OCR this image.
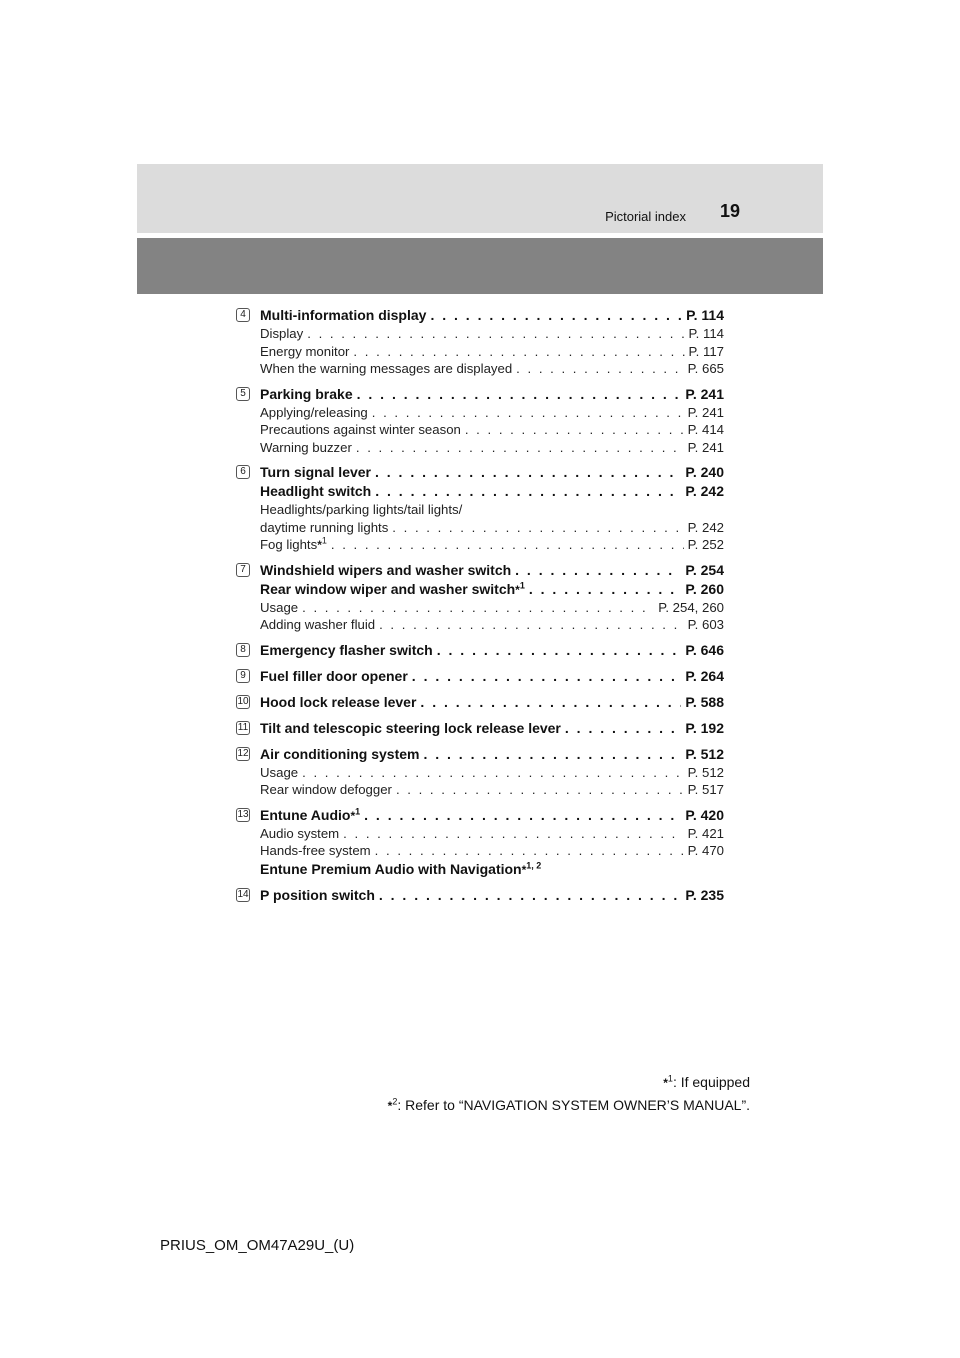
Pictorial index 19
4	Multi-information display . . .	P. 114
Display . . .	P. 114
Energy monitor . . .	P. 117
When the warning messages are displayed . . .	P. 665
5	Parking brake . . .	P. 241
Applying/releasing . . .	P. 241
Precautions against winter season . . .	P. 414
Warning buzzer . . .	P. 241
6	Turn signal lever . . .	P. 240
Headlight switch . . .	P. 242
Headlights/parking lights/tail lights/
daytime running lights . . .	P. 242
Fog lights*$^1$ . . .	P. 252
7	Windshield wipers and washer switch . . .	P. 254
Rear window wiper and washer switch*$^1$ . . .	P. 260
Usage . . .	P. 254, 260
Adding washer fluid . . .	P. 603
8	Emergency flasher switch . . .	P. 646
9	Fuel filler door opener . . .	P. 264
10 Hood lock release lever . . .	P. 588
11 Tilt and telescopic steering lock release lever . . .	P. 192
12 Air conditioning system . . .	P. 512
Usage . . .	P. 512
Rear window defogger . . .	P. 517
13 Entune Audio*$^1$ . . .	P. 420
Audio system . . .	P. 421
Hands-free system . . .	P. 470
Entune Premium Audio with Navigation*$^{1, 2}$
14 P position switch . . .	P. 235
*$^1$: If equipped
*$^2$: Refer to “NAVIGATION SYSTEM OWNER’S MANUAL”.
PRIUS_OM_OM47A29U_(U)
